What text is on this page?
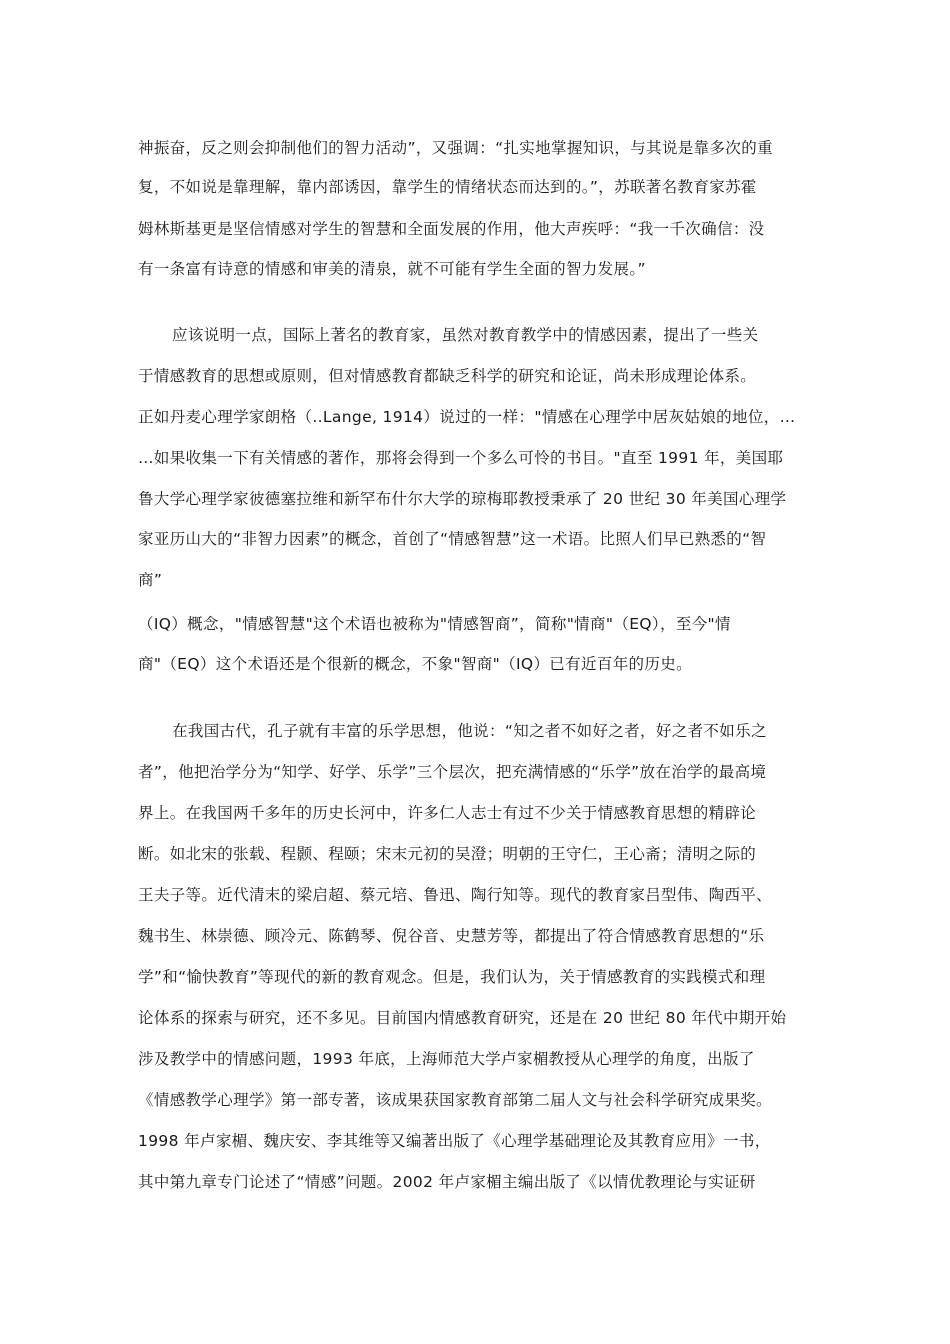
神振奋，反之则会抑制他们的智力活动”，又强调：“扎实地掌握知识，与其说是靠多次的重

复，不如说是靠理解，靠内部诱因，靠学生的情绪状态而达到的。”，苏联著名教育家苏霍

姆林斯基更是坚信情感对学生的智慧和全面发展的作用，他大声疾呼：“我一千次确信：没

有一条富有诗意的情感和审美的清泉，就不可能有学生全面的智力发展。”

应该说明一点，国际上著名的教育家，虽然对教育教学中的情感因素，提出了一些关

于情感教育的思想或原则，但对情感教育都缺乏科学的研究和论证，尚未形成理论体系。

正如丹麦心理学家朗格（..Lange, 1914）说过的一样："情感在心理学中居灰姑娘的地位，…

…如果收集一下有关情感的著作，那将会得到一个多么可怜的书目。"直至 1991 年，美国耶

鲁大学心理学家彼德塞拉维和新罕布什尔大学的琼梅耶教授秉承了 20 世纪 30 年美国心理学

家亚历山大的“非智力因素”的概念，首创了“情感智慧”这一术语。比照人们早已熟悉的“智

商”

（IQ）概念，"情感智慧"这个术语也被称为"情感智商”，简称"情商"（EQ），至今"情

商"（EQ）这个术语还是个很新的概念，不象"智商"（IQ）已有近百年的历史。

在我国古代，孔子就有丰富的乐学思想，他说：“知之者不如好之者，好之者不如乐之

者”，他把治学分为“知学、好学、乐学”三个层次，把充满情感的“乐学”放在治学的最高境

界上。在我国两千多年的历史长河中，许多仁人志士有过不少关于情感教育思想的精辟论

断。如北宋的张载、程颢、程颐；宋末元初的吴澄；明朝的王守仁，王心斋；清明之际的

王夫子等。近代清末的梁启超、蔡元培、鲁迅、陶行知等。现代的教育家吕型伟、陶西平、

魏书生、林崇德、顾冷元、陈鹤琴、倪谷音、史慧芳等，都提出了符合情感教育思想的“乐

学”和“愉快教育”等现代的新的教育观念。但是，我们认为，关于情感教育的实践模式和理

论体系的探索与研究，还不多见。目前国内情感教育研究，还是在 20 世纪 80 年代中期开始

涉及教学中的情感问题，1993 年底，上海师范大学卢家楣教授从心理学的角度，出版了

《情感教学心理学》第一部专著，该成果获国家教育部第二届人文与社会科学研究成果奖。

1998 年卢家楣、魏庆安、李其维等又编著出版了《心理学基础理论及其教育应用》一书，

其中第九章专门论述了“情感”问题。2002 年卢家楣主编出版了《以情优教理论与实证研
